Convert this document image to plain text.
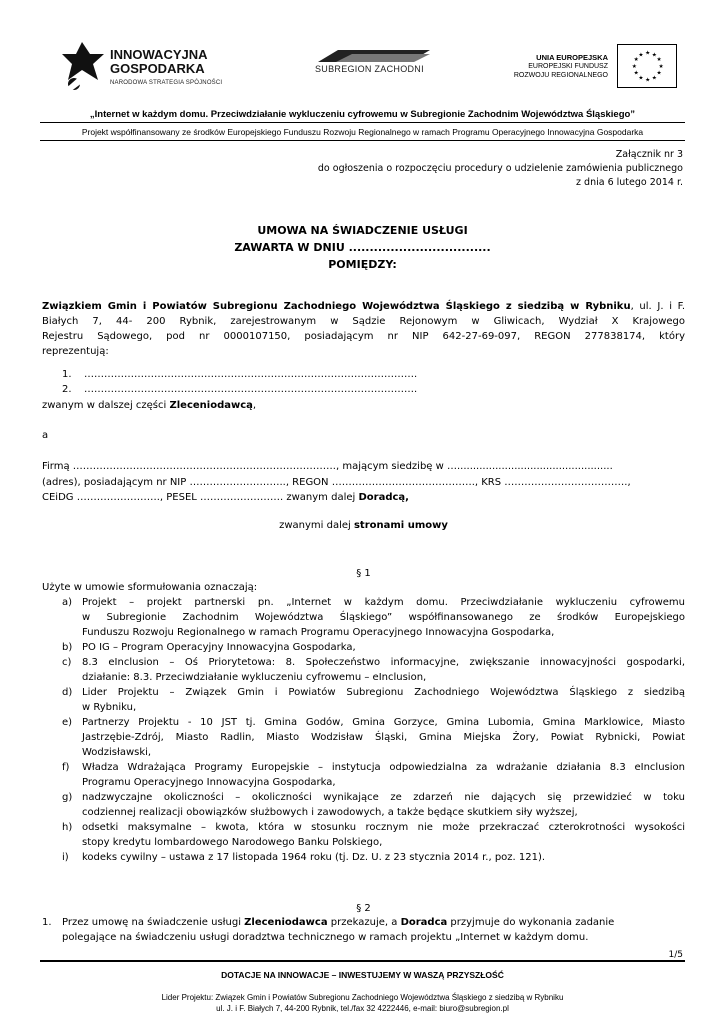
INNOWACYJNA
GOSPODARKA
NARODOWA STRATEGIA SPÓJNOŚCI
SUBREGION ZACHODNI
UNIA EUROPEJSKA
EUROPEJSKI FUNDUSZ
ROZWOJU REGIONALNEGO
★ ★
★
★
★
★
★
★
★
★
★
★
„Internet w każdym domu. Przeciwdziałanie wykluczeniu cyfrowemu w Subregionie Zachodnim Województwa Śląskiego”
Projekt współfinansowany ze środków Europejskiego Funduszu Rozwoju Regionalnego w ramach Programu Operacyjnego Innowacyjna Gospodarka
Załącznik nr 3
do ogłoszenia o rozpoczęciu procedury o udzielenie zamówienia publicznego
z dnia 6 lutego 2014 r.
UMOWA NA ŚWIADCZENIE USŁUGI
ZAWARTA W DNIU ..................................
POMIĘDZY:
Związkiem Gmin i Powiatów Subregionu Zachodniego Województwa Śląskiego z siedzibą w Rybniku, ul. J. i F. Białych 7, 44- 200 Rybnik, zarejestrowanym w Sądzie Rejonowym w Gliwicach, Wydział X Krajowego
Rejestru Sądowego, pod nr 0000107150, posiadającym nr NIP 642-27-69-097, REGON 277838174, który
reprezentują:
1. ……………………………………………………………………………………….
2. ……………………………………………………………………………………….
zwanym w dalszej części Zleceniodawcą,
a
Firmą ……………………………………………………………………., mającym siedzibę w ….................................................
(adres), posiadającym nr NIP ……………………….., REGON ……………………………………., KRS ……………………………….,
CEiDG ……………………., PESEL ……………………. zwanym dalej Doradcą,
zwanymi dalej stronami umowy
§ 1
Użyte w umowie sformułowania oznaczają:
a) Projekt – projekt partnerski pn. „Internet w każdym domu. Przeciwdziałanie wykluczeniu cyfrowemu
w Subregionie Zachodnim Województwa Śląskiego” współfinansowanego ze środków Europejskiego
Funduszu Rozwoju Regionalnego w ramach Programu Operacyjnego Innowacyjna Gospodarka,
b) PO IG – Program Operacyjny Innowacyjna Gospodarka,
c) 8.3 eInclusion – Oś Priorytetowa: 8. Społeczeństwo informacyjne, zwiększanie innowacyjności gospodarki,
działanie: 8.3. Przeciwdziałanie wykluczeniu cyfrowemu – eInclusion,
d) Lider Projektu – Związek Gmin i Powiatów Subregionu Zachodniego Województwa Śląskiego z siedzibą
w Rybniku,
e) Partnerzy Projektu - 10 JST tj. Gmina Godów, Gmina Gorzyce, Gmina Lubomia, Gmina Marklowice, Miasto
Jastrzębie-Zdrój, Miasto Radlin, Miasto Wodzisław Śląski, Gmina Miejska Żory, Powiat Rybnicki, Powiat
Wodzisławski,
f) Władza Wdrażająca Programy Europejskie – instytucja odpowiedzialna za wdrażanie działania 8.3 eInclusion
Programu Operacyjnego Innowacyjna Gospodarka,
g) nadzwyczajne okoliczności – okoliczności wynikające ze zdarzeń nie dających się przewidzieć w toku
codziennej realizacji obowiązków służbowych i zawodowych, a także będące skutkiem siły wyższej,
h) odsetki maksymalne – kwota, która w stosunku rocznym nie może przekraczać czterokrotności wysokości
stopy kredytu lombardowego Narodowego Banku Polskiego,
i) kodeks cywilny – ustawa z 17 listopada 1964 roku (tj. Dz. U. z 23 stycznia 2014 r., poz. 121).
§ 2
1. Przez umowę na świadczenie usługi Zleceniodawca przekazuje, a Doradca przyjmuje do wykonania zadanie
polegające na świadczeniu usługi doradztwa technicznego w ramach projektu „Internet w każdym domu.
1/5
DOTACJE NA INNOWACJE – INWESTUJEMY W WASZĄ PRZYSZŁOŚĆ
Lider Projektu: Związek Gmin i Powiatów Subregionu Zachodniego Województwa Śląskiego z siedzibą w Rybniku
ul. J. i F. Białych 7, 44-200 Rybnik, tel./fax 32 4222446, e-mail: biuro@subregion.pl
